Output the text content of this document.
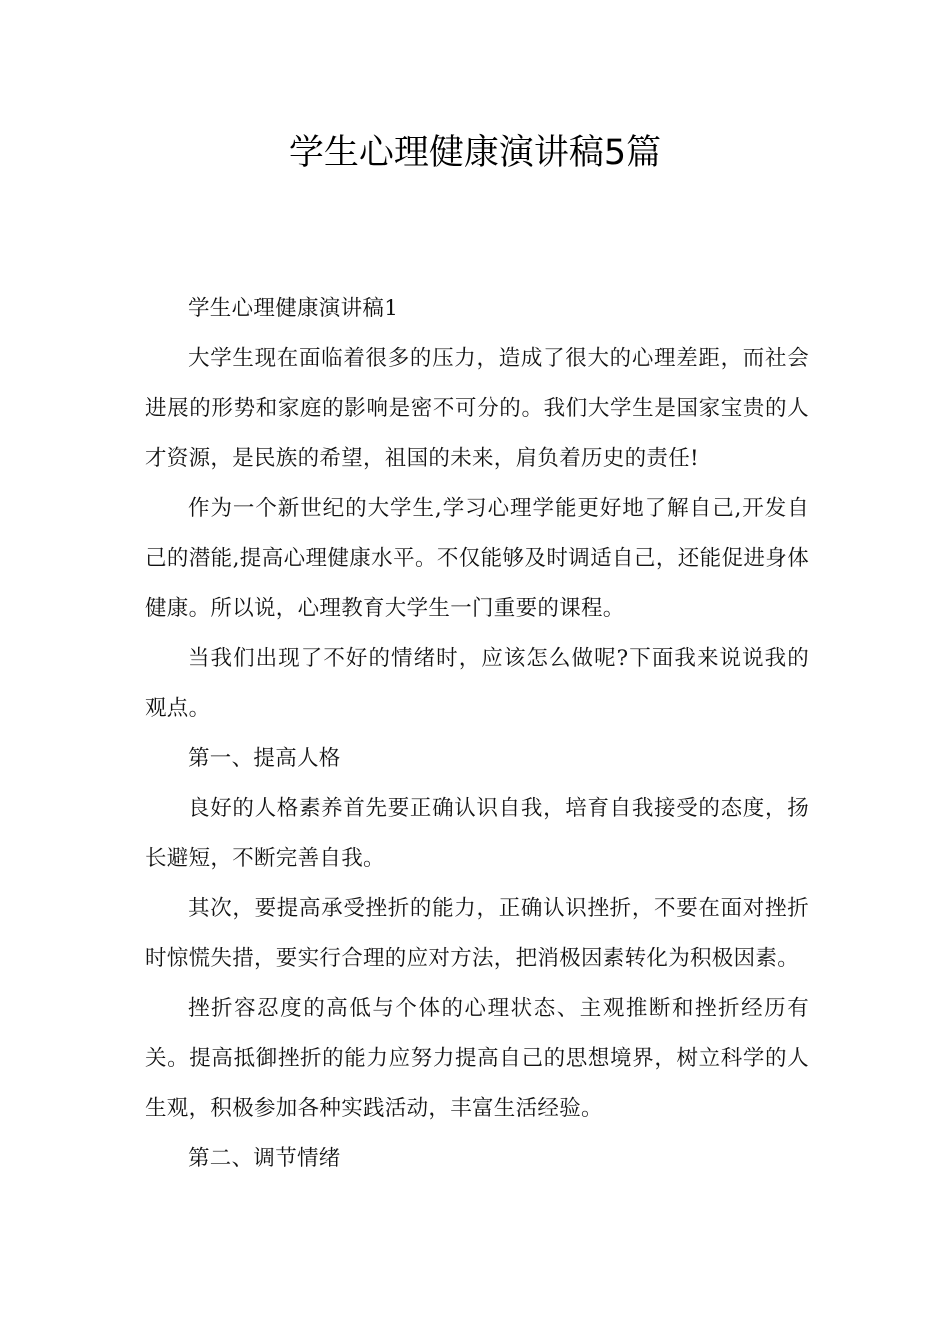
学生心理健康演讲稿5篇

学生心理健康演讲稿1

大学生现在面临着很多的压力，造成了很大的心理差距，而社会进展的形势和家庭的影响是密不可分的。我们大学生是国家宝贵的人才资源，是民族的希望，祖国的未来，肩负着历史的责任!

作为一个新世纪的大学生,学习心理学能更好地了解自己,开发自己的潜能,提高心理健康水平。不仅能够及时调适自己，还能促进身体健康。所以说，心理教育大学生一门重要的课程。

当我们出现了不好的情绪时，应该怎么做呢?下面我来说说我的观点。

第一、提高人格

良好的人格素养首先要正确认识自我，培育自我接受的态度，扬长避短，不断完善自我。

其次，要提高承受挫折的能力，正确认识挫折，不要在面对挫折时惊慌失措，要实行合理的应对方法，把消极因素转化为积极因素。

挫折容忍度的高低与个体的心理状态、主观推断和挫折经历有关。提高抵御挫折的能力应努力提高自己的思想境界，树立科学的人生观，积极参加各种实践活动，丰富生活经验。

第二、调节情绪
